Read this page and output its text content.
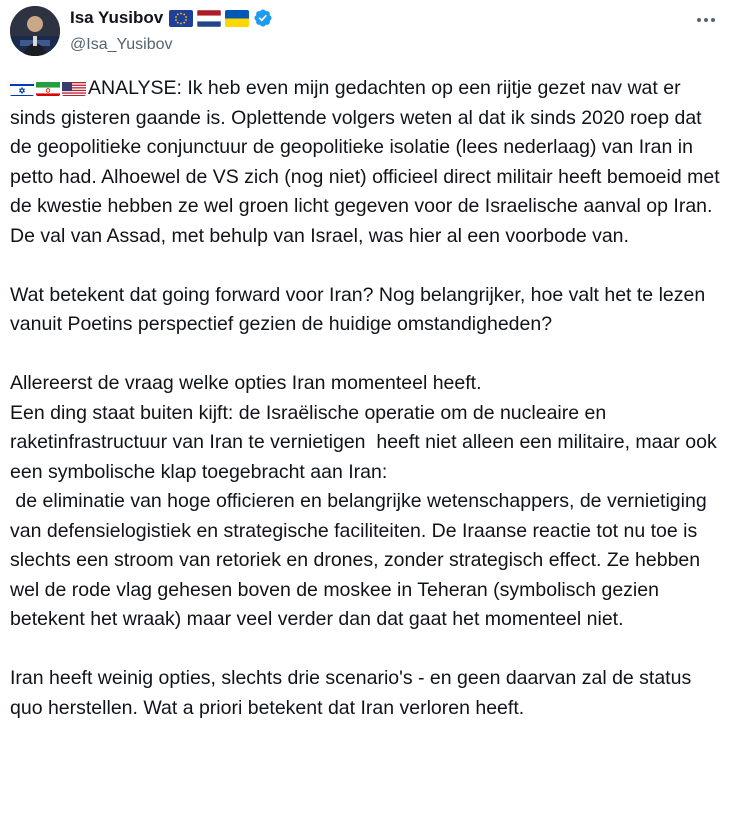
Isa Yusibov
@Isa_Yusibov

ANALYSE: Ik heb even mijn gedachten op een rijtje gezet nav wat er sinds gisteren gaande is. Oplettende volgers weten al dat ik sinds 2020 roep dat de geopolitieke conjunctuur de geopolitieke isolatie (lees nederlaag) van Iran in petto had. Alhoewel de VS zich (nog niet) officieel direct militair heeft bemoeid met de kwestie hebben ze wel groen licht gegeven voor de Israelische aanval op Iran. De val van Assad, met behulp van Israel, was hier al een voorbode van.

Wat betekent dat going forward voor Iran? Nog belangrijker, hoe valt het te lezen vanuit Poetins perspectief gezien de huidige omstandigheden?

Allereerst de vraag welke opties Iran momenteel heeft.
Een ding staat buiten kijft: de Israëlische operatie om de nucleaire en raketinfrastructuur van Iran te vernietigen  heeft niet alleen een militaire, maar ook een symbolische klap toegebracht aan Iran:
de eliminatie van hoge officieren en belangrijke wetenschappers, de vernietiging van defensielogistiek en strategische faciliteiten. De Iraanse reactie tot nu toe is slechts een stroom van retoriek en drones, zonder strategisch effect. Ze hebben wel de rode vlag gehesen boven de moskee in Teheran (symbolisch gezien betekent het wraak) maar veel verder dan dat gaat het momenteel niet.

Iran heeft weinig opties, slechts drie scenario's - en geen daarvan zal de status quo herstellen. Wat a priori betekent dat Iran verloren heeft.
